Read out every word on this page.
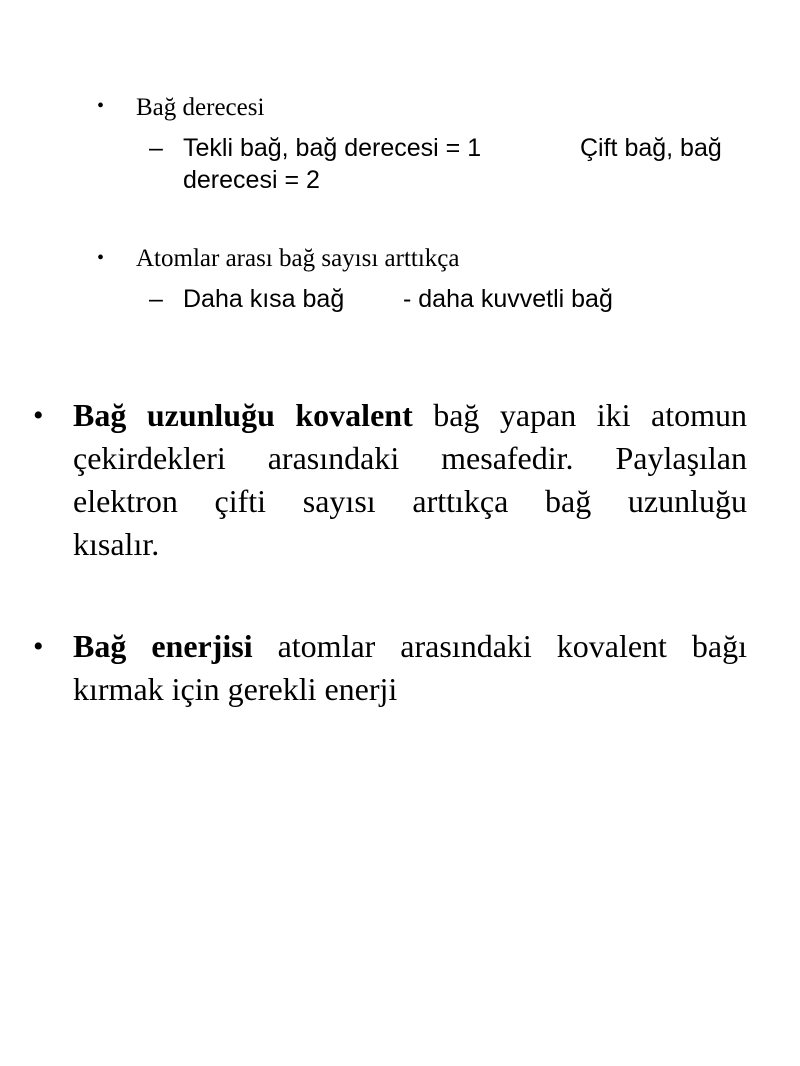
• Bağ derecesi
– Tekli bağ, bağ derecesi = 1	Çift bağ, bağ
derecesi = 2
• Atomlar arası bağ sayısı arttıkça
– Daha kısa bağ - daha kuvvetli bağ
• Bağ uzunluğu kovalent bağ yapan iki atomun
çekirdekleri arasındaki mesafedir. Paylaşılan
elektron çifti sayısı arttıkça bağ uzunluğu
kısalır.
• Bağ enerjisi atomlar arasındaki kovalent bağı
kırmak için gerekli enerji
